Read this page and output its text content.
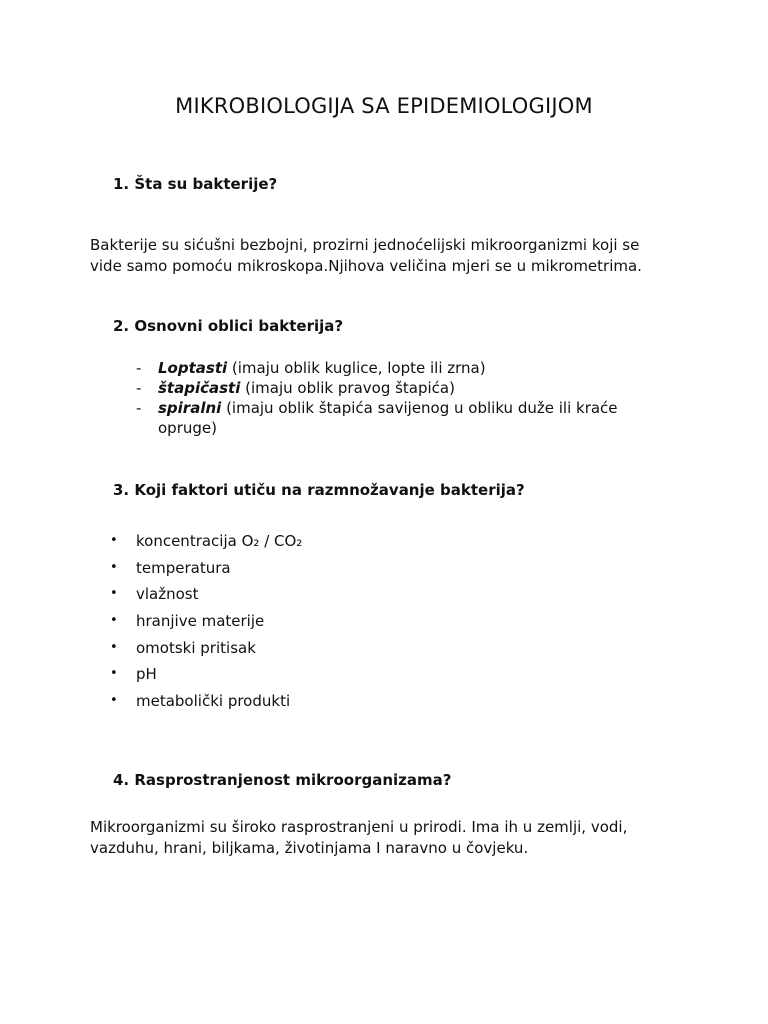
MIKROBIOLOGIJA SA EPIDEMIOLOGIJOM

1. Šta su bakterije?

Bakterije su sićušni bezbojni, prozirni jednoćelijski mikroorganizmi koji se
vide samo pomoću mikroskopa.Njihova veličina mjeri se u mikrometrima.

2. Osnovni oblici bakterija?

- Loptasti (imaju oblik kuglice, lopte ili zrna)
- štapičasti (imaju oblik pravog štapića)
- spiralni (imaju oblik štapića savijenog u obliku duže ili kraće opruge)

3. Koji faktori utiču na razmnožavanje bakterija?

• koncentracija O₂ / CO₂
• temperatura
• vlažnost
• hranjive materije
• omotski pritisak
• pH
• metabolički produkti

4. Rasprostranjenost mikroorganizama?

Mikroorganizmi su široko rasprostranjeni u prirodi. Ima ih u zemlji, vodi,
vazduhu, hrani, biljkama, životinjama I naravno u čovjeku.
